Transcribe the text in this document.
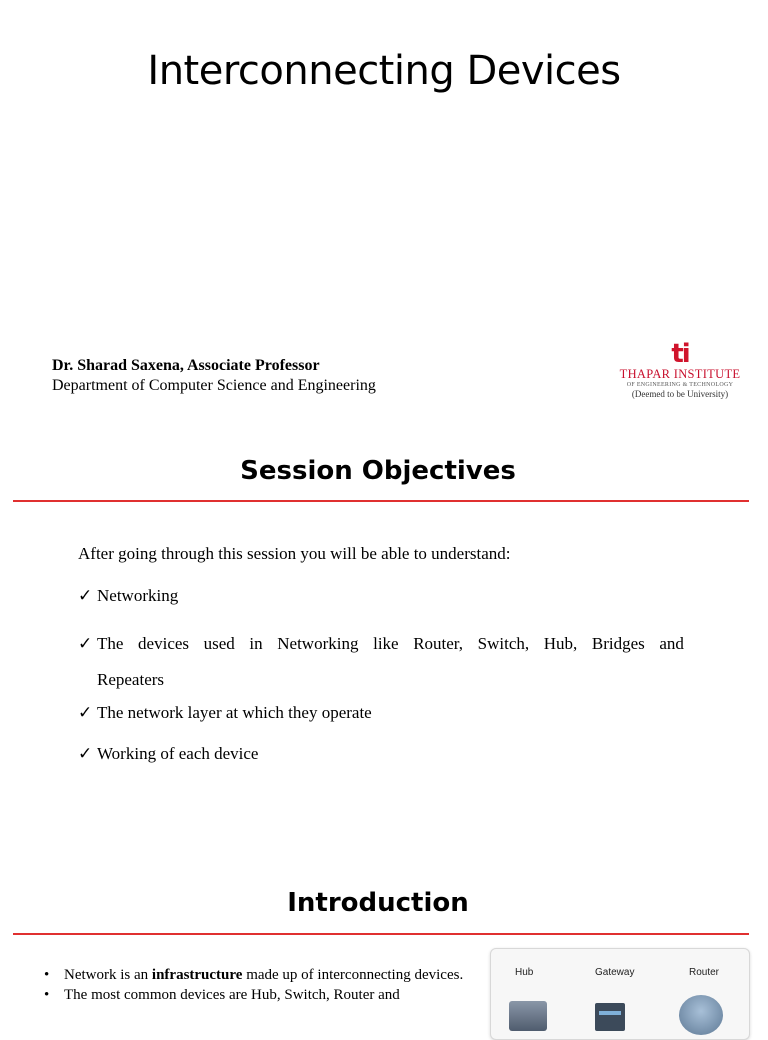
Interconnecting Devices
Dr. Sharad Saxena, Associate Professor
Department of Computer Science and Engineering
ti
THAPAR INSTITUTE
OF ENGINEERING & TECHNOLOGY
(Deemed to be University)
Session Objectives
After going through this session you will be able to understand:
✓ Networking
✓ The devices used in Networking like Router, Switch, Hub, Bridges and
Repeaters
✓ The network layer at which they operate
✓ Working of each device
Introduction
• Network is an infrastructure made up of interconnecting devices.
• The most common devices are Hub, Switch, Router and
Hub	Gateway	Router
